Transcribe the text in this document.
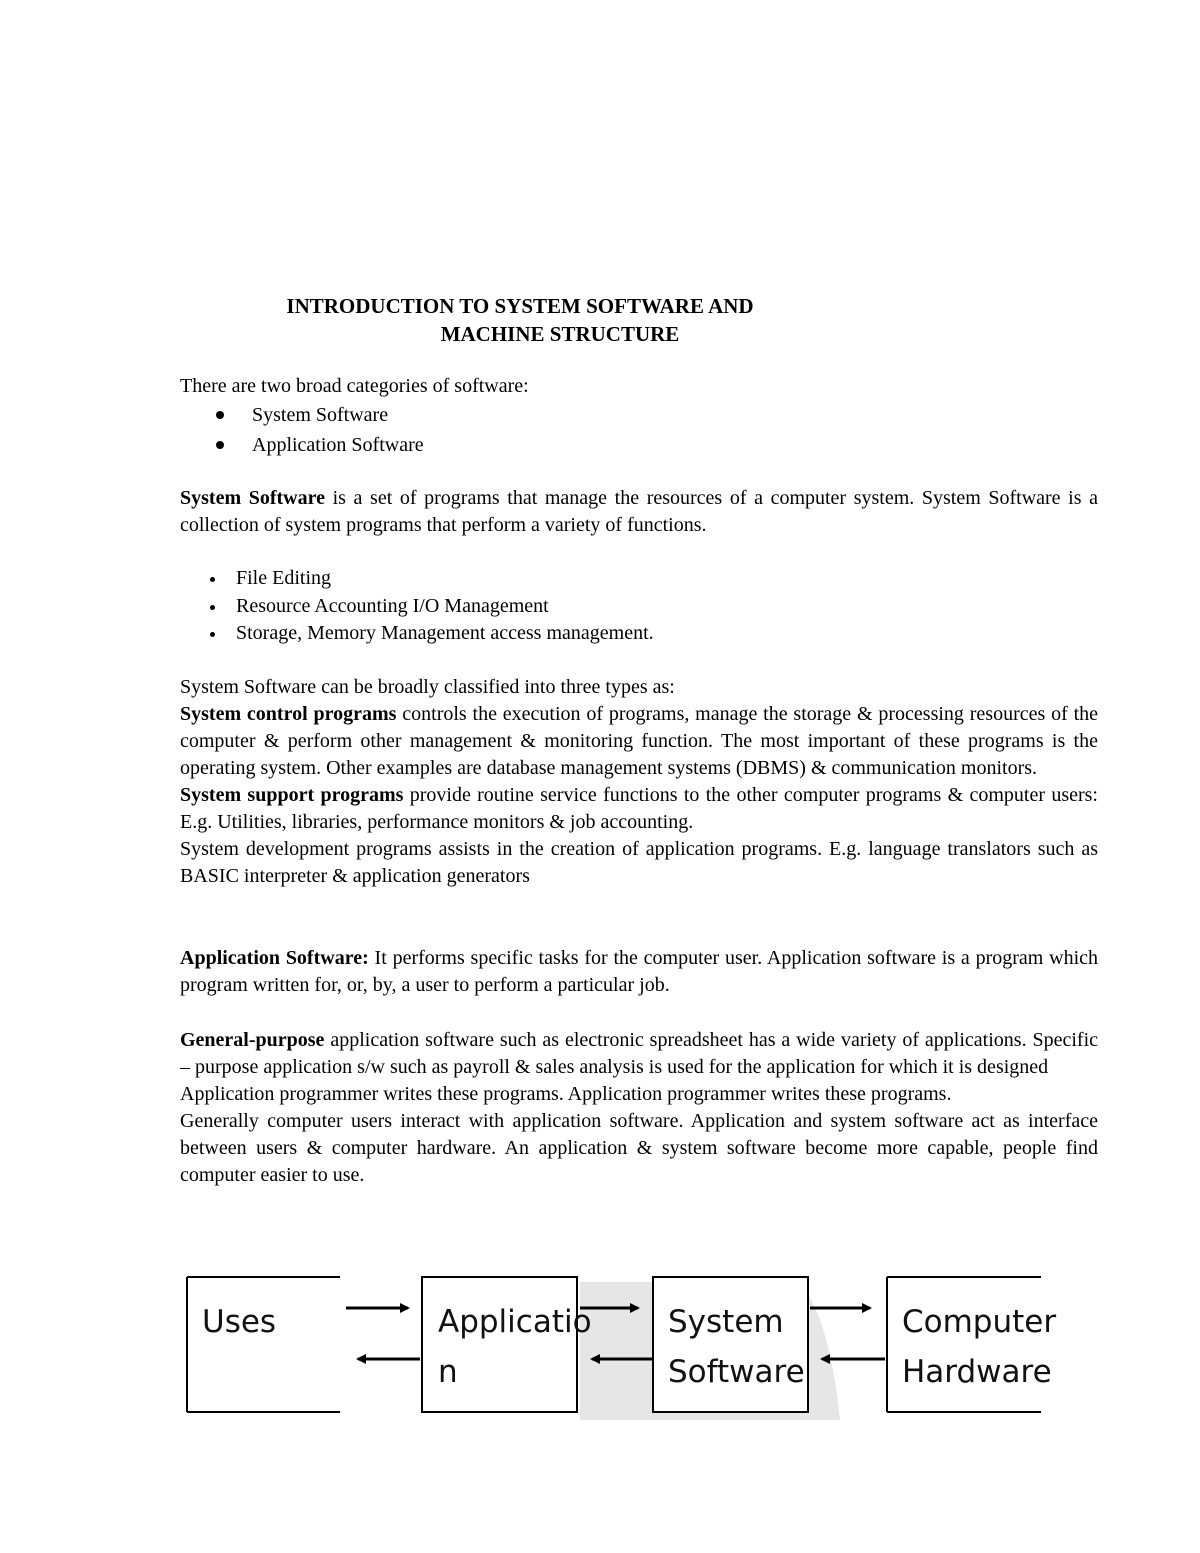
INTRODUCTION TO SYSTEM SOFTWARE AND
MACHINE STRUCTURE
There are two broad categories of software:
System Software
Application Software
System Software is a set of programs that manage the resources of a computer system. System Software is a collection of system programs that perform a variety of functions.
File Editing
Resource Accounting I/O Management
Storage, Memory Management access management.
System Software can be broadly classified into three types as:
System control programs controls the execution of programs, manage the storage & processing resources of the computer & perform other management & monitoring function. The most important of these programs is the operating system. Other examples are database management systems (DBMS) & communication monitors.
System support programs provide routine service functions to the other computer programs & computer users: E.g. Utilities, libraries, performance monitors & job accounting.
System development programs assists in the creation of application programs. E.g. language translators such as BASIC interpreter & application generators
Application Software: It performs specific tasks for the computer user. Application software is a program which program written for, or, by, a user to perform a particular job.
General-purpose application software such as electronic spreadsheet has a wide variety of applications. Specific – purpose application s/w such as payroll & sales analysis is used for the application for which it is designed
Application programmer writes these programs. Application programmer writes these programs.
Generally computer users interact with application software. Application and system software act as interface between users & computer hardware. An application & system software become more capable, people find computer easier to use.
Uses	Applicatio
n
System
Software
Computer
Hardware
